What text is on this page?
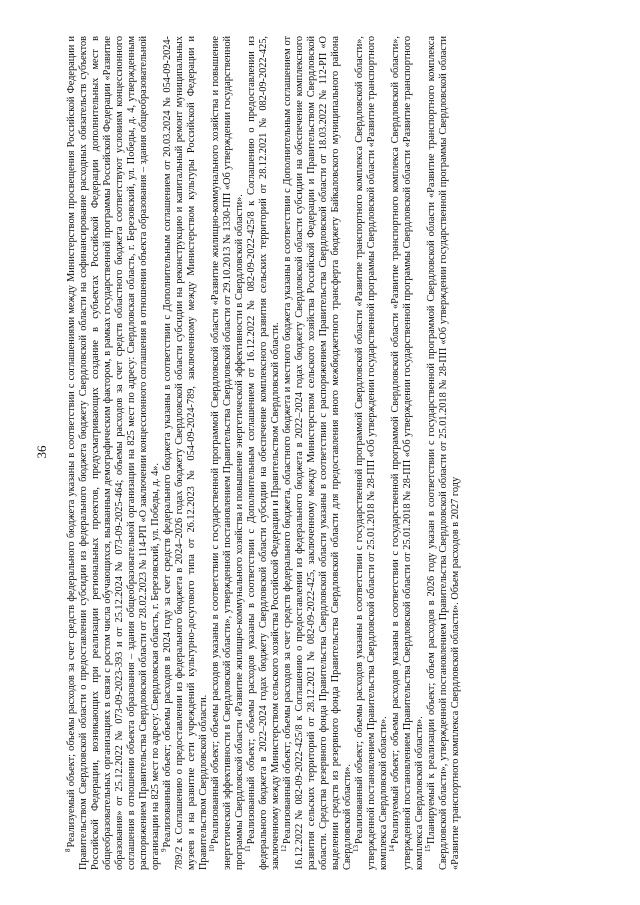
36

$^8$Реализуемый объект; объемы расходов за счет средств федерального бюджета указаны в соответствии с соглашениями между Министерством просвещения Российской Федерации и Правительством Свердловской области о предоставлении субсидии из федерального бюджета бюджету Свердловской области на софинансирование расходных обязательств субъектов Российской Федерации, возникающих при реализации региональных проектов, предусматривающих создание в субъектах Российской Федерации дополнительных мест в общеобразовательных организациях в связи с ростом числа обучающихся, вызванным демографическим фактором, в рамках государственной программы Российской Федерации «Развитие образования» от 25.12.2022 № 073-09-2023-393 и от 25.12.2024 № 073-09-2025-464; объемы расходов за счет средств областного бюджета соответствуют условиям концессионного соглашения в отношении объекта образования – здания общеобразовательной организации на 825 мест по адресу: Свердловская область, г. Березовский, ул. Победы, д. 4, утвержденным распоряжением Правительства Свердловской области от 28.02.2023 № 114-РП «О заключении концессионного соглашения в отношении объекта образования – здания общеобразовательной организации на 825 мест по адресу: Свердловская область, г. Березовский, ул. Победы, д. 4».

$^9$Реализованный объект; объемы расходов в 2024 году за счет средств федерального бюджета указаны в соответствии с Дополнительным соглашением от 20.03.2024 № 054-09-2024-789/2 к Соглашению о предоставлении из федерального бюджета в 2024–2026 годах бюджету Свердловской области субсидии на реконструкцию и капитальный ремонт муниципальных музеев и на развитие сети учреждений культурно-досугового типа от 26.12.2023 № 054-09-2024-789, заключенному между Министерством культуры Российской Федерации и Правительством Свердловской области.

$^{10}$Реализованный объект; объемы расходов указаны в соответствии с государственной программой Свердловской области «Развитие жилищно-коммунального хозяйства и повышение энергетической эффективности в Свердловской области», утвержденной постановлением Правительства Свердловской области от 29.10.2013 № 1330-ПП «Об утверждении государственной программы Свердловской области «Развитие жилищно-коммунального хозяйства и повышение энергетической эффективности в Свердловской области».

$^{11}$Реализованный объект; объемы расходов указаны в соответствии с Дополнительным соглашением от 16.12.2022 № 082-09-2022-425/8 к Соглашению о предоставлении из федерального бюджета в 2022–2024 годах бюджету Свердловской области субсидии на обеспечение комплексного развития сельских территорий от 28.12.2021 № 082-09-2022-425, заключенному между Министерством сельского хозяйства Российской Федерации и Правительством Свердловской области.

$^{12}$Реализованный объект; объемы расходов за счет средств федерального бюджета, областного бюджета и местного бюджета указаны в соответствии с Дополнительным соглашением от 16.12.2022 № 082-09-2022-425/8 к Соглашению о предоставлении из федерального бюджета в 2022–2024 годах бюджету Свердловской области субсидии на обеспечение комплексного развития сельских территорий от 28.12.2021 № 082-09-2022-425, заключенному между Министерством сельского хозяйства Российской Федерации и Правительством Свердловской области. Средства резервного фонда Правительства Свердловской области указаны в соответствии с распоряжением Правительства Свердловской области от 18.03.2022 № 112-РП «О выделении средств из резервного фонда Правительства Свердловской области для предоставления иного межбюджетного трансферта бюджету Байкаловского муниципального района Свердловской области».

$^{13}$Реализованный объект; объемы расходов указаны в соответствии с государственной программой Свердловской области «Развитие транспортного комплекса Свердловской области», утвержденной постановлением Правительства Свердловской области от 25.01.2018 № 28-ПП «Об утверждении государственной программы Свердловской области «Развитие транспортного комплекса Свердловской области».

$^{14}$Реализуемый объект; объемы расходов указаны в соответствии с государственной программой Свердловской области «Развитие транспортного комплекса Свердловской области», утвержденной постановлением Правительства Свердловской области от 25.01.2018 № 28-ПП «Об утверждении государственной программы Свердловской области «Развитие транспортного комплекса Свердловской области».

$^{15}$Планируемый к реализации объект; объем расходов в 2026 году указан в соответствии с государственной программой Свердловской области «Развитие транспортного комплекса Свердловской области», утвержденной постановлением Правительства Свердловской области от 25.01.2018 № 28-ПП «Об утверждении государственной программы Свердловской области «Развитие транспортного комплекса Свердловской области». Объем расходов в 2027 году
